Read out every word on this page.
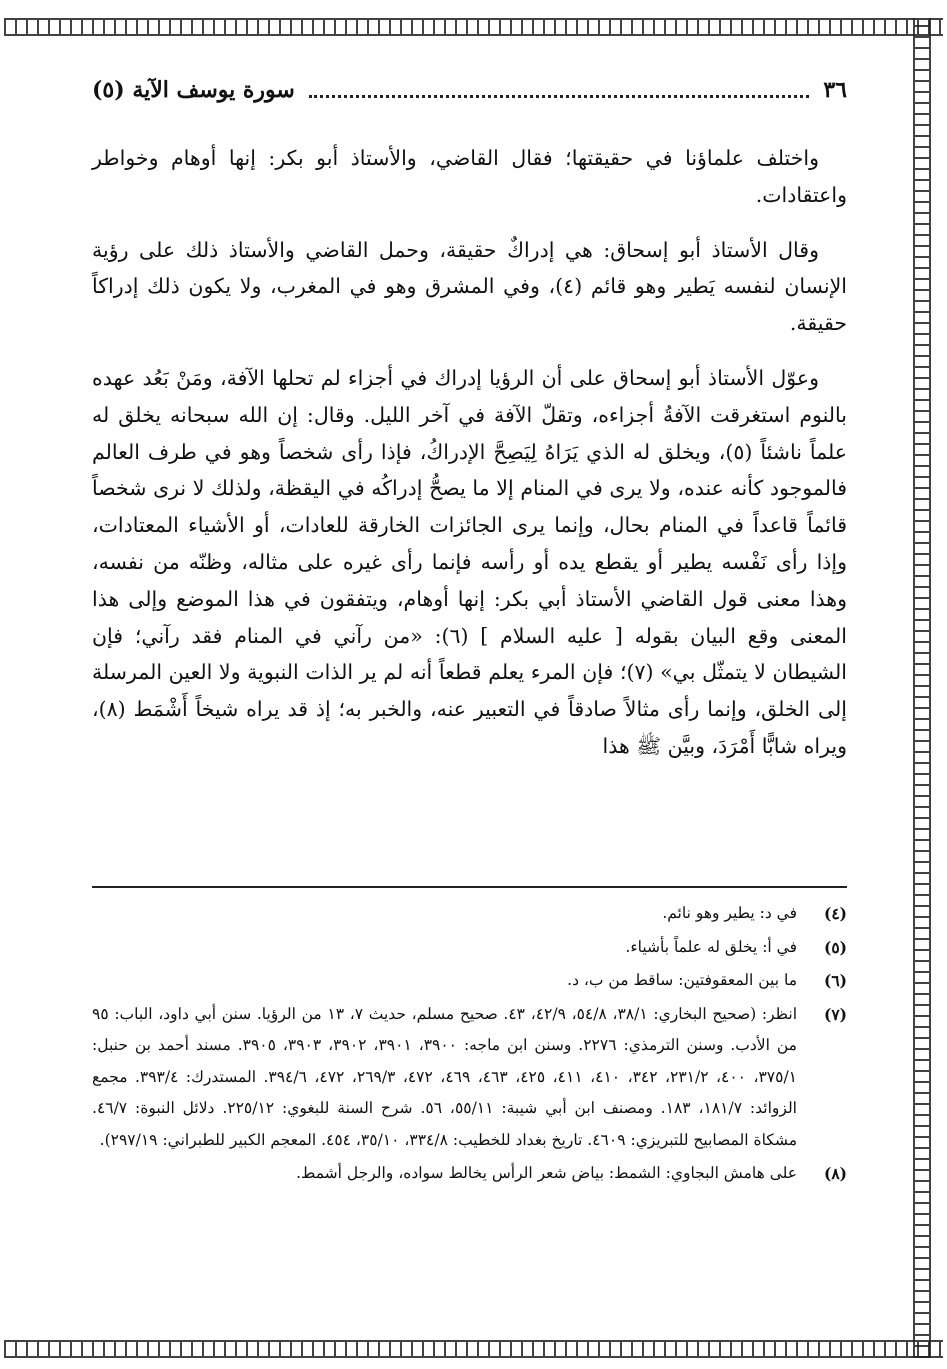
٣٦
سورة يوسف الآية (٥)

واختلف علماؤنا في حقيقتها؛ فقال القاضي، والأستاذ أبو بكر: إنها أوهام وخواطر واعتقادات.

وقال الأستاذ أبو إسحاق: هي إدراكٌ حقيقة، وحمل القاضي والأستاذ ذلك على رؤية الإنسان لنفسه يَطير وهو قائم (٤)، وفي المشرق وهو في المغرب، ولا يكون ذلك إدراكاً حقيقة.

وعوّل الأستاذ أبو إسحاق على أن الرؤيا إدراك في أجزاء لم تحلها الآفة، ومَنْ بَعُد عهده بالنوم استغرقت الآفةُ أجزاءه، وتقلّ الآفة في آخر الليل. وقال: إن الله سبحانه يخلق له علماً ناشئاً (٥)، ويخلق له الذي يَرَاهُ لِيَصِحَّ الإدراكُ، فإذا رأى شخصاً وهو في طرف العالم فالموجود كأنه عنده، ولا يرى في المنام إلا ما يصحُّ إدراكُه في اليقظة، ولذلك لا نرى شخصاً قائماً قاعداً في المنام بحال، وإنما يرى الجائزات الخارقة للعادات، أو الأشياء المعتادات، وإذا رأى نَفْسه يطير أو يقطع يده أو رأسه فإنما رأى غيره على مثاله، وظنّه من نفسه، وهذا معنى قول القاضي الأستاذ أبي بكر: إنها أوهام، ويتفقون في هذا الموضع وإلى هذا المعنى وقع البيان بقوله [ عليه السلام ] (٦): «من رآني في المنام فقد رآني؛ فإن الشيطان لا يتمثّل بي» (٧)؛ فإن المرء يعلم قطعاً أنه لم ير الذات النبوية ولا العين المرسلة إلى الخلق، وإنما رأى مثالاً صادقاً في التعبير عنه، والخبر به؛ إذ قد يراه شيخاً أَشْمَط (٨)، ويراه شابًّا أَمْرَدَ، وبيَّن ﷺ هذا

(٤)
في د: يطير وهو نائم.
(٥)
في أ: يخلق له علماً بأشياء.
(٦)
ما بين المعقوفتين: ساقط من ب، د.
(٧)
انظر: (صحيح البخاري: ٣٨/١، ٥٤/٨، ٤٢/٩، ٤٣. صحيح مسلم، حديث ٧، ١٣ من الرؤيا. سنن أبي داود، الباب: ٩٥ من الأدب. وسنن الترمذي: ٢٢٧٦. وسنن ابن ماجه: ٣٩٠٠، ٣٩٠١، ٣٩٠٢، ٣٩٠٣، ٣٩٠٥. مسند أحمد بن حنبل: ٣٧٥/١، ٤٠٠، ٢٣١/٢، ٣٤٢، ٤١٠، ٤١١، ٤٢٥، ٤٦٣، ٤٦٩، ٤٧٢، ٢٦٩/٣، ٤٧٢، ٣٩٤/٦. المستدرك: ٣٩٣/٤. مجمع الزوائد: ١٨١/٧، ١٨٣. ومصنف ابن أبي شيبة: ٥٥/١١، ٥٦. شرح السنة للبغوي: ٢٢٥/١٢. دلائل النبوة: ٤٦/٧. مشكاة المصابيح للتبريزي: ٤٦٠٩. تاريخ بغداد للخطيب: ٣٣٤/٨، ٣٥/١٠، ٤٥٤. المعجم الكبير للطبراني: ٢٩٧/١٩).
(٨)
على هامش البجاوي: الشمط: بياض شعر الرأس يخالط سواده، والرجل أشمط.
